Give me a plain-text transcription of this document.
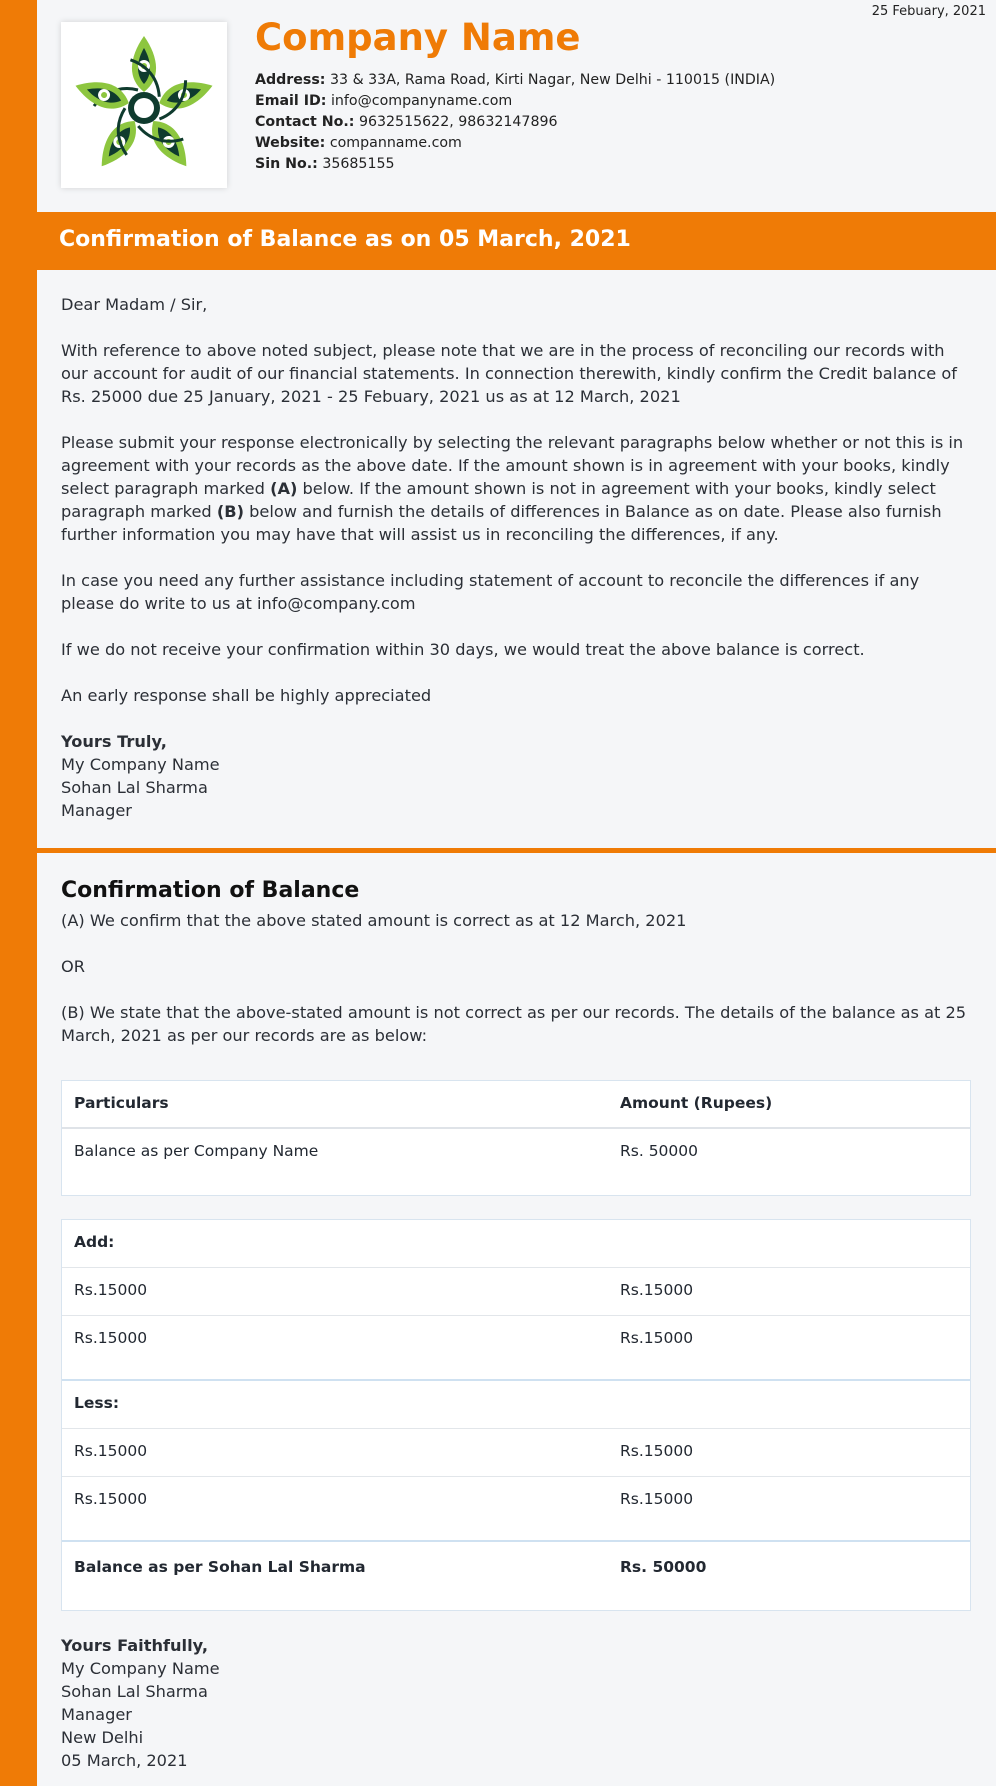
25 Febuary, 2021
Company Name
Address: 33 & 33A, Rama Road, Kirti Nagar, New Delhi - 110015 (INDIA)
Email ID: info@companyname.com
Contact No.: 9632515622, 98632147896
Website: companname.com
Sin No.: 35685155
Confirmation of Balance as on 05 March, 2021

Dear Madam / Sir,

With reference to above noted subject, please note that we are in the process of reconciling our records with our account for audit of our financial statements. In connection therewith, kindly confirm the Credit balance of Rs. 25000 due 25 January, 2021 - 25 Febuary, 2021 us as at 12 March, 2021

Please submit your response electronically by selecting the relevant paragraphs below whether or not this is in agreement with your records as the above date. If the amount shown is in agreement with your books, kindly select paragraph marked (A) below. If the amount shown is not in agreement with your books, kindly select paragraph marked (B) below and furnish the details of differences in Balance as on date. Please also furnish further information you may have that will assist us in reconciling the differences, if any.

In case you need any further assistance including statement of account to reconcile the differences if any please do write to us at info@company.com

If we do not receive your confirmation within 30 days, we would treat the above balance is correct.

An early response shall be highly appreciated

Yours Truly,
My Company Name
Sohan Lal Sharma
Manager
Confirmation of Balance

(A) We confirm that the above stated amount is correct as at 12 March, 2021

OR

(B) We state that the above-stated amount is not correct as per our records. The details of the balance as at 25 March, 2021 as per our records are as below:

Particulars	Amount (Rupees)
Balance as per Company Name	Rs. 50000
Add:
Rs.15000	Rs.15000
Rs.15000	Rs.15000
Less:
Rs.15000	Rs.15000
Rs.15000	Rs.15000
Balance as per Sohan Lal Sharma	Rs. 50000
Yours Faithfully,
My Company Name
Sohan Lal Sharma
Manager
New Delhi
05 March, 2021
